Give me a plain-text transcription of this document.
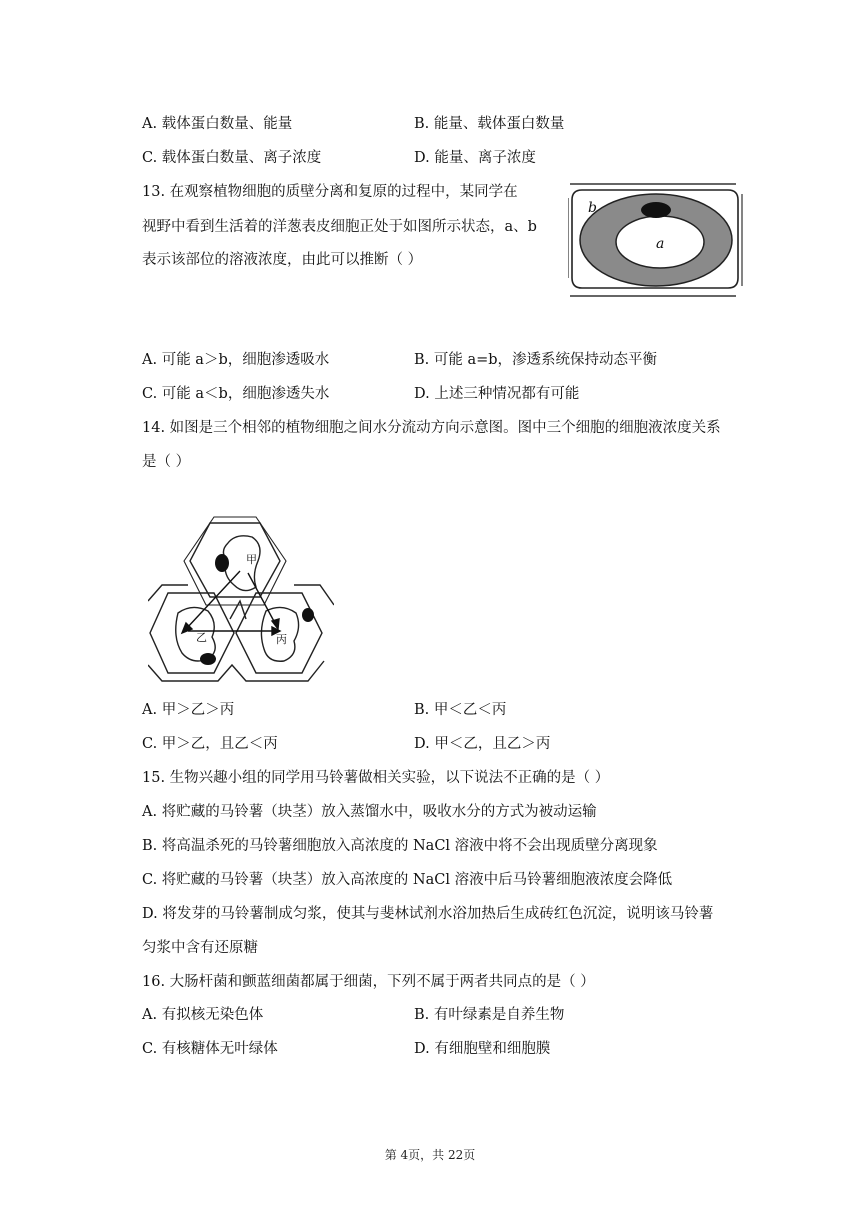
A. 载体蛋白数量、能量	B. 能量、载体蛋白数量
C. 载体蛋白数量、离子浓度	D. 能量、离子浓度
13. 在观察植物细胞的质壁分离和复原的过程中，某同学在
视野中看到生活着的洋葱表皮细胞正处于如图所示状态，a、b
表示该部位的溶液浓度，由此可以推断（ ）
b
a
A. 可能 a＞b，细胞渗透吸水	B. 可能 a=b，渗透系统保持动态平衡
C. 可能 a＜b，细胞渗透失水	D. 上述三种情况都有可能
14. 如图是三个相邻的植物细胞之间水分流动方向示意图。图中三个细胞的细胞液浓度关系
是（ ）
甲
乙	丙
A. 甲＞乙＞丙	B. 甲＜乙＜丙
C. 甲＞乙，且乙＜丙	D. 甲＜乙，且乙＞丙
15. 生物兴趣小组的同学用马铃薯做相关实验，以下说法不正确的是（ ）
A. 将贮藏的马铃薯（块茎）放入蒸馏水中，吸收水分的方式为被动运输
B. 将高温杀死的马铃薯细胞放入高浓度的 NaCl 溶液中将不会出现质壁分离现象
C. 将贮藏的马铃薯（块茎）放入高浓度的 NaCl 溶液中后马铃薯细胞液浓度会降低
D. 将发芽的马铃薯制成匀浆，使其与斐林试剂水浴加热后生成砖红色沉淀，说明该马铃薯
匀浆中含有还原糖
16. 大肠杆菌和颤蓝细菌都属于细菌，下列不属于两者共同点的是（ ）
A. 有拟核无染色体	B. 有叶绿素是自养生物
C. 有核糖体无叶绿体	D. 有细胞壁和细胞膜
第 4页，共 22页
